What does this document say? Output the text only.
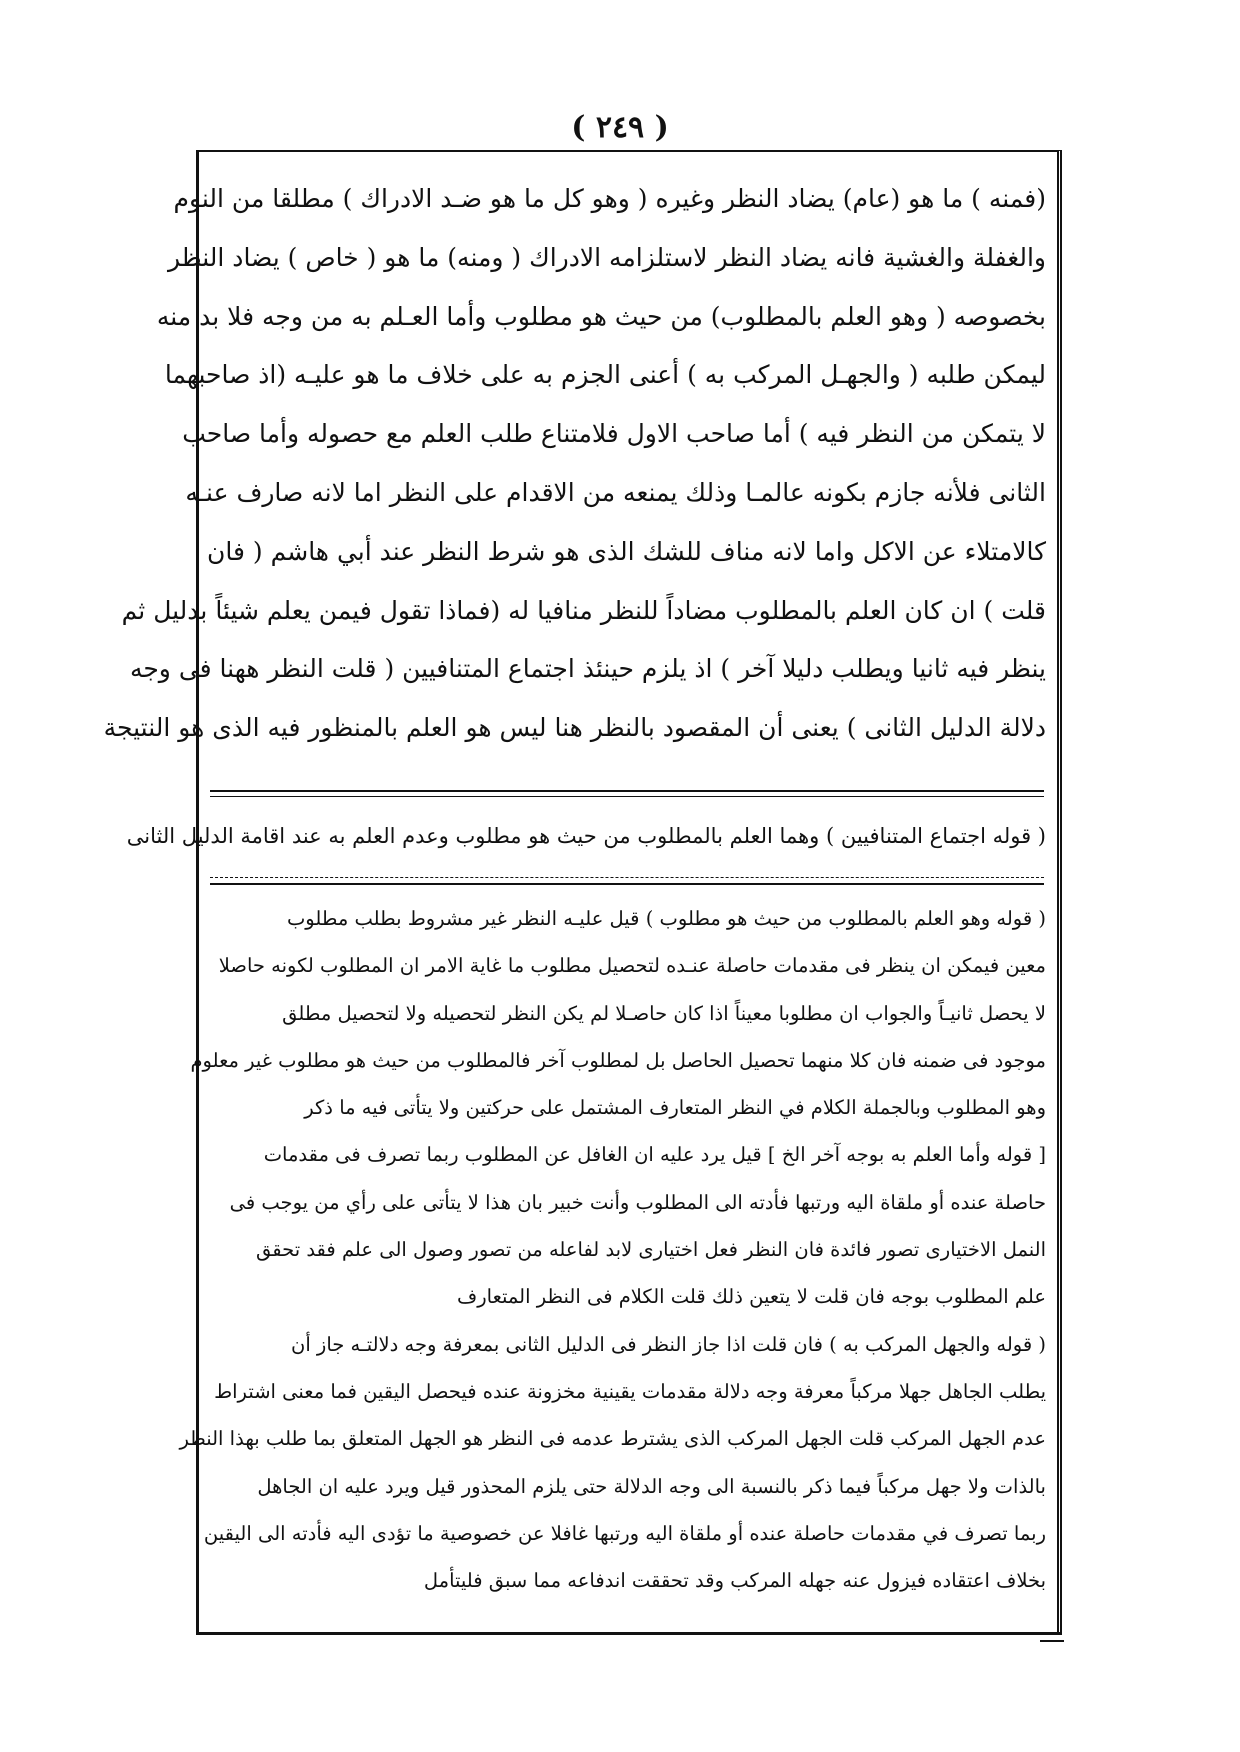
( ٢٤٩ )
(فمنه ) ما هو (عام) يضاد النظر وغيره ( وهو كل ما هو ضـد الادراك ) مطلقا من النوم
والغفلة والغشية فانه يضاد النظر لاستلزامه الادراك ( ومنه) ما هو ( خاص ) يضاد النظر
بخصوصه ( وهو العلم بالمطلوب) من حيث هو مطلوب وأما العـلم به من وجه فلا بد منه
ليمكن طلبه ( والجهـل المركب به ) أعنى الجزم به على خلاف ما هو عليـه (اذ صاحبهما
لا يتمكن من النظر فيه ) أما صاحب الاول فلامتناع طلب العلم مع حصوله وأما صاحب
الثانى فلأنه جازم بكونه عالمـا وذلك يمنعه من الاقدام على النظر اما لانه صارف عنـه
كالامتلاء عن الاكل واما لانه مناف للشك الذى هو شرط النظر عند أبي هاشم ( فان
قلت ) ان كان العلم بالمطلوب مضاداً للنظر منافيا له (فماذا تقول فيمن يعلم شيئاً بدليل ثم
ينظر فيه ثانيا ويطلب دليلا آخر ) اذ يلزم حينئذ اجتماع المتنافيين ( قلت النظر ههنا فى وجه
دلالة الدليل الثانى ) يعنى أن المقصود بالنظر هنا ليس هو العلم بالمنظور فيه الذى هو النتيجة
( قوله اجتماع المتنافيين ) وهما العلم بالمطلوب من حيث هو مطلوب وعدم العلم به عند اقامة الدليل الثانى
( قوله وهو العلم بالمطلوب من حيث هو مطلوب ) قيل عليـه النظر غير مشروط بطلب مطلوب
معين فيمكن ان ينظر فى مقدمات حاصلة عنـده لتحصيل مطلوب ما غاية الامر ان المطلوب لكونه حاصلا
لا يحصل ثانيـاً والجواب ان مطلوبا معيناً اذا كان حاصـلا لم يكن النظر لتحصيله ولا لتحصيل مطلق
موجود فى ضمنه فان كلا منهما تحصيل الحاصل بل لمطلوب آخر فالمطلوب من حيث هو مطلوب غير معلوم
وهو المطلوب وبالجملة الكلام في النظر المتعارف المشتمل على حركتين ولا يتأتى فيه ما ذكر
[ قوله وأما العلم به بوجه آخر الخ ] قيل يرد عليه ان الغافل عن المطلوب ربما تصرف فى مقدمات
حاصلة عنده أو ملقاة اليه ورتبها فأدته الى المطلوب وأنت خبير بان هذا لا يتأتى على رأي من يوجب فى
النمل الاختيارى تصور فائدة فان النظر فعل اختيارى لابد لفاعله من تصور وصول الى علم فقد تحقق
علم المطلوب بوجه فان قلت لا يتعين ذلك قلت الكلام فى النظر المتعارف
( قوله والجهل المركب به ) فان قلت اذا جاز النظر فى الدليل الثانى بمعرفة وجه دلالتـه جاز أن
يطلب الجاهل جهلا مركباً معرفة وجه دلالة مقدمات يقينية مخزونة عنده فيحصل اليقين فما معنى اشتراط
عدم الجهل المركب قلت الجهل المركب الذى يشترط عدمه فى النظر هو الجهل المتعلق بما طلب بهذا النظر
بالذات ولا جهل مركباً فيما ذكر بالنسبة الى وجه الدلالة حتى يلزم المحذور قيل ويرد عليه ان الجاهل
ربما تصرف في مقدمات حاصلة عنده أو ملقاة اليه ورتبها غافلا عن خصوصية ما تؤدى اليه فأدته الى اليقين
بخلاف اعتقاده فيزول عنه جهله المركب وقد تحققت اندفاعه مما سبق فليتأمل
